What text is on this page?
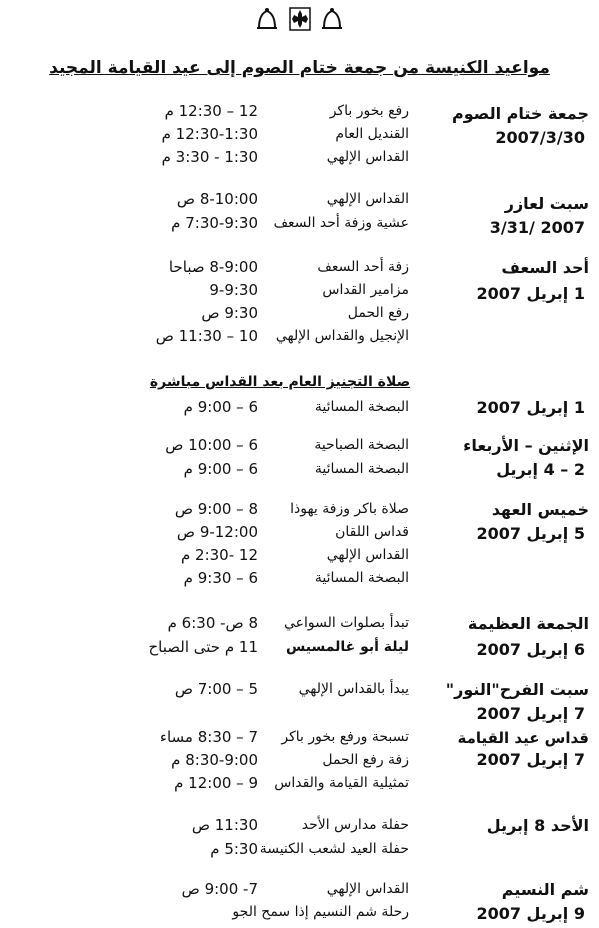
مواعيد الكنيسة من جمعة ختام الصوم إلى عيد القيامة المجيد
جمعة ختام الصوم
2007/3/30
رفع بخور باكر
12 – 12:30 م
القنديل العام
12:30-1:30 م
القداس الإلهي
1:30 - 3:30 م
سبت لعازر
2007 /3/31
القداس الإلهي
8-10:00 ص
عشية وزفة أحد السعف
7:30-9:30 م
أحد السعف
1 إبريل 2007
زفة أحد السعف
8-9:00 صباحا
مزامير القداس
9-9:30
رفع الحمل
9:30 ص
الإنجيل والقداس الإلهي
10 – 11:30 ص
صلاة التجنيز العام بعد القداس مباشرة
1 إبريل 2007
البصخة المسائية
6 – 9:00 م
الإثنين – الأربعاء
2 – 4 إبريل
البصخة الصباحية
6 – 10:00 ص
البصخة المسائية
6 – 9:00 م
خميس العهد
5 إبريل 2007
صلاة باكر وزفة يهوذا
8 – 9:00 ص
قداس اللقان
9-12:00 ص
القداس الإلهي
12 -2:30 م
البصخة المسائية
6 – 9:30 م
الجمعة العظيمة
6 إبريل 2007
تبدأ بصلوات السواعي
8 ص- 6:30 م
ليلة أبو غالمسيس
11 م حتى الصباح
سبت الفرح"النور"
7 إبريل 2007
يبدأ بالقداس الإلهي
5 – 7:00 ص
قداس عيد القيامة
7 إبريل 2007
تسبحة ورفع بخور باكر
7 – 8:30 مساء
زفة رفع الحمل
8:30-9:00 م
تمثيلية القيامة والقداس
9 – 12:00 م
الأحد 8 إبريل
حفلة مدارس الأحد
11:30 ص
حفلة العيد لشعب الكنيسة
5:30 م
شم النسيم
9 إبريل 2007
القداس الإلهي
7- 9:00 ص
رحلة شم النسيم إذا سمح الجو
